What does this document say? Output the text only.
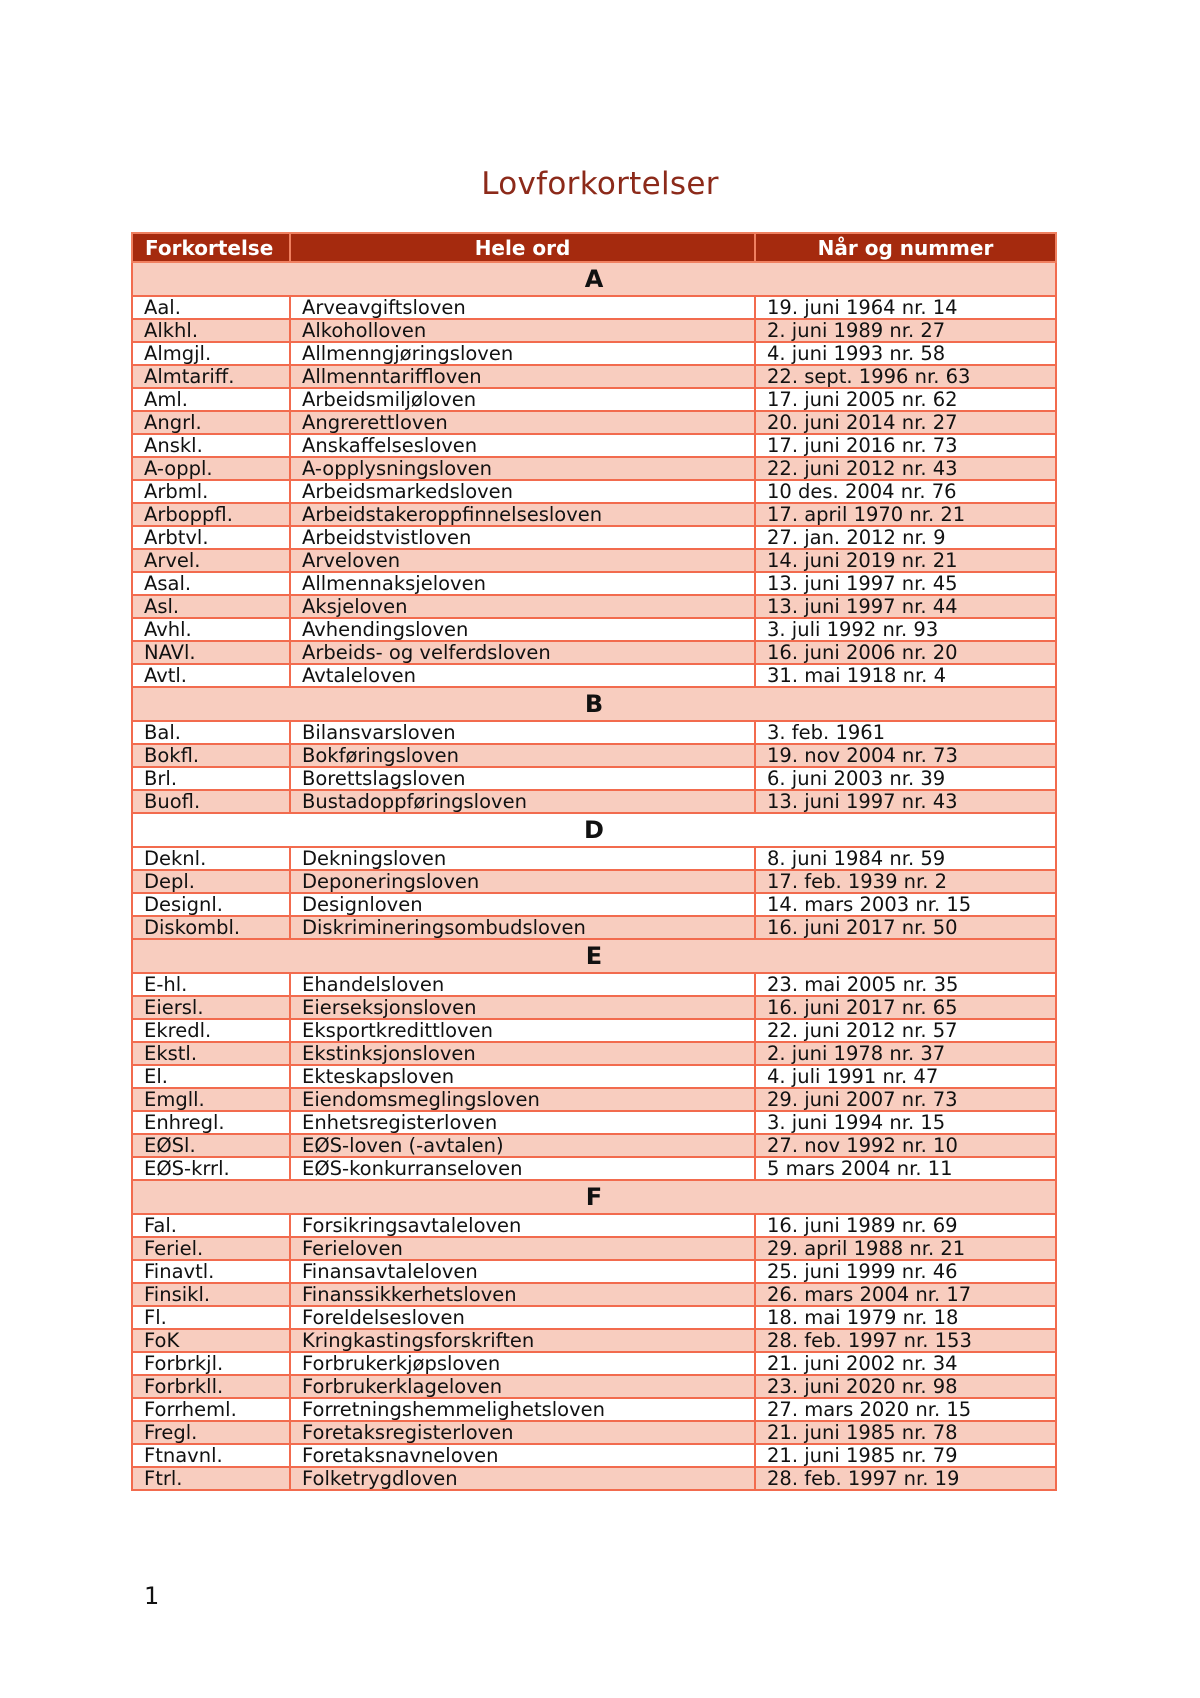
Lovforkortelser
Forkortelse	Hele ord	Når og nummer
A		
Aal.	Arveavgiftsloven	19. juni 1964 nr. 14
Alkhl.	Alkoholloven	2. juni 1989 nr. 27
Almgjl.	Allmenngjøringsloven	4. juni 1993 nr. 58
Almtariff.	Allmenntariffloven	22. sept. 1996 nr. 63
Aml.	Arbeidsmiljøloven	17. juni 2005 nr. 62
Angrl.	Angrerettloven	20. juni 2014 nr. 27
Anskl.	Anskaffelsesloven	17. juni 2016 nr. 73
A-oppl.	A-opplysningsloven	22. juni 2012 nr. 43
Arbml.	Arbeidsmarkedsloven	10 des. 2004 nr. 76
Arboppfl.	Arbeidstakeroppfinnelsesloven	17. april 1970 nr. 21
Arbtvl.	Arbeidstvistloven	27. jan. 2012 nr. 9
Arvel.	Arveloven	14. juni 2019 nr. 21
Asal.	Allmennaksjeloven	13. juni 1997 nr. 45
Asl.	Aksjeloven	13. juni 1997 nr. 44
Avhl.	Avhendingsloven	3. juli 1992 nr. 93
NAVl.	Arbeids- og velferdsloven	16. juni 2006 nr. 20
Avtl.	Avtaleloven	31. mai 1918 nr. 4
B		
Bal.	Bilansvarsloven	3. feb. 1961
Bokfl.	Bokføringsloven	19. nov 2004 nr. 73
Brl.	Borettslagsloven	6. juni 2003 nr. 39
Buofl.	Bustadoppføringsloven	13. juni 1997 nr. 43
D		
Deknl.	Dekningsloven	8. juni 1984 nr. 59
Depl.	Deponeringsloven	17. feb. 1939 nr. 2
Designl.	Designloven	14. mars 2003 nr. 15
Diskombl.	Diskrimineringsombudsloven	16. juni 2017 nr. 50
E		
E-hl.	Ehandelsloven	23. mai 2005 nr. 35
Eiersl.	Eierseksjonsloven	16. juni 2017 nr. 65
Ekredl.	Eksportkredittloven	22. juni 2012 nr. 57
Ekstl.	Ekstinksjonsloven	2. juni 1978 nr. 37
El.	Ekteskapsloven	4. juli 1991 nr. 47
Emgll.	Eiendomsmeglingsloven	29. juni 2007 nr. 73
Enhregl.	Enhetsregisterloven	3. juni 1994 nr. 15
EØSl.	EØS-loven (-avtalen)	27. nov 1992 nr. 10
EØS-krrl.	EØS-konkurranseloven	5 mars 2004 nr. 11
F		
Fal.	Forsikringsavtaleloven	16. juni 1989 nr. 69
Feriel.	Ferieloven	29. april 1988 nr. 21
Finavtl.	Finansavtaleloven	25. juni 1999 nr. 46
Finsikl.	Finanssikkerhetsloven	26. mars 2004 nr. 17
Fl.	Foreldelsesloven	18. mai 1979 nr. 18
FoK	Kringkastingsforskriften	28. feb. 1997 nr. 153
Forbrkjl.	Forbrukerkjøpsloven	21. juni 2002 nr. 34
Forbrkll.	Forbrukerklageloven	23. juni 2020 nr. 98
Forrheml.	Forretningshemmelighetsloven	27. mars 2020 nr. 15
Fregl.	Foretaksregisterloven	21. juni 1985 nr. 78
Ftnavnl.	Foretaksnavneloven	21. juni 1985 nr. 79
Ftrl.	Folketrygdloven	28. feb. 1997 nr. 19
1
